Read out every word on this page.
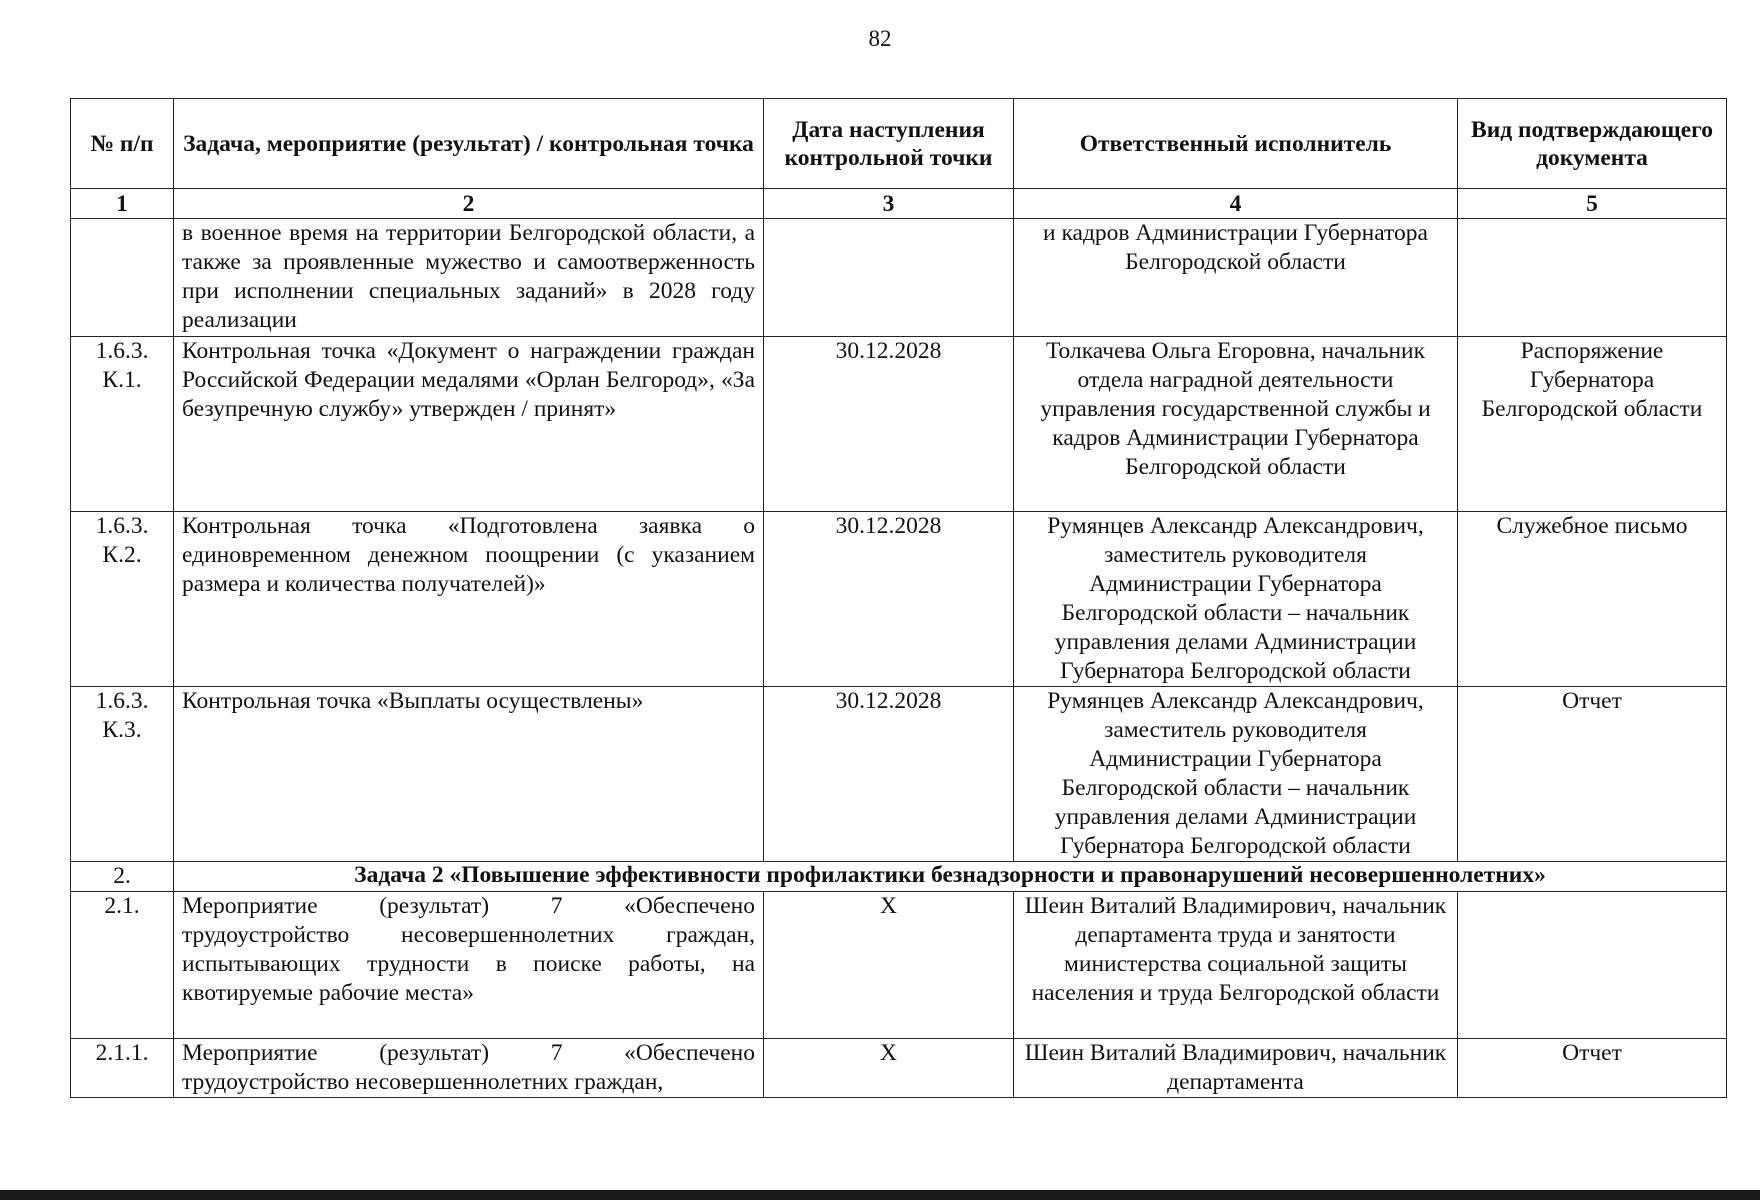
82
№ п/п	Задача, мероприятие (результат) / контрольная точка	Дата наступления контрольной точки	Ответственный исполнитель	Вид подтверждающего документа
1	2	3	4	5
	в военное время на территории Белгородской области, а также за проявленные мужество и самоотверженность при исполнении специальных заданий» в 2028 году реализации		и кадров Администрации Губернатора Белгородской области	
1.6.3. К.1.	Контрольная точка «Документ о награждении граждан Российской Федерации медалями «Орлан Белгород», «За безупречную службу» утвержден / принят»	30.12.2028	Толкачева Ольга Егоровна, начальник отдела наградной деятельности управления государственной службы и кадров Администрации Губернатора Белгородской области	Распоряжение Губернатора Белгородской области
1.6.3. К.2.	Контрольная точка «Подготовлена заявка о единовременном денежном поощрении (с указанием размера и количества получателей)»	30.12.2028	Румянцев Александр Александрович, заместитель руководителя Администрации Губернатора Белгородской области – начальник управления делами Администрации Губернатора Белгородской области	Служебное письмо
1.6.3. К.3.	Контрольная точка «Выплаты осуществлены»	30.12.2028	Румянцев Александр Александрович, заместитель руководителя Администрации Губернатора Белгородской области – начальник управления делами Администрации Губернатора Белгородской области	Отчет
2.	Задача 2 «Повышение эффективности профилактики безнадзорности и правонарушений несовершеннолетних»			
2.1.	Мероприятие (результат) 7 «Обеспечено трудоустройство несовершеннолетних граждан, испытывающих трудности в поиске работы, на квотируемые рабочие места»	Х	Шеин Виталий Владимирович, начальник департамента труда и занятости министерства социальной защиты населения и труда Белгородской области	
2.1.1.	Мероприятие (результат) 7 «Обеспечено трудоустройство несовершеннолетних граждан,	Х	Шеин Виталий Владимирович, начальник департамента	Отчет
